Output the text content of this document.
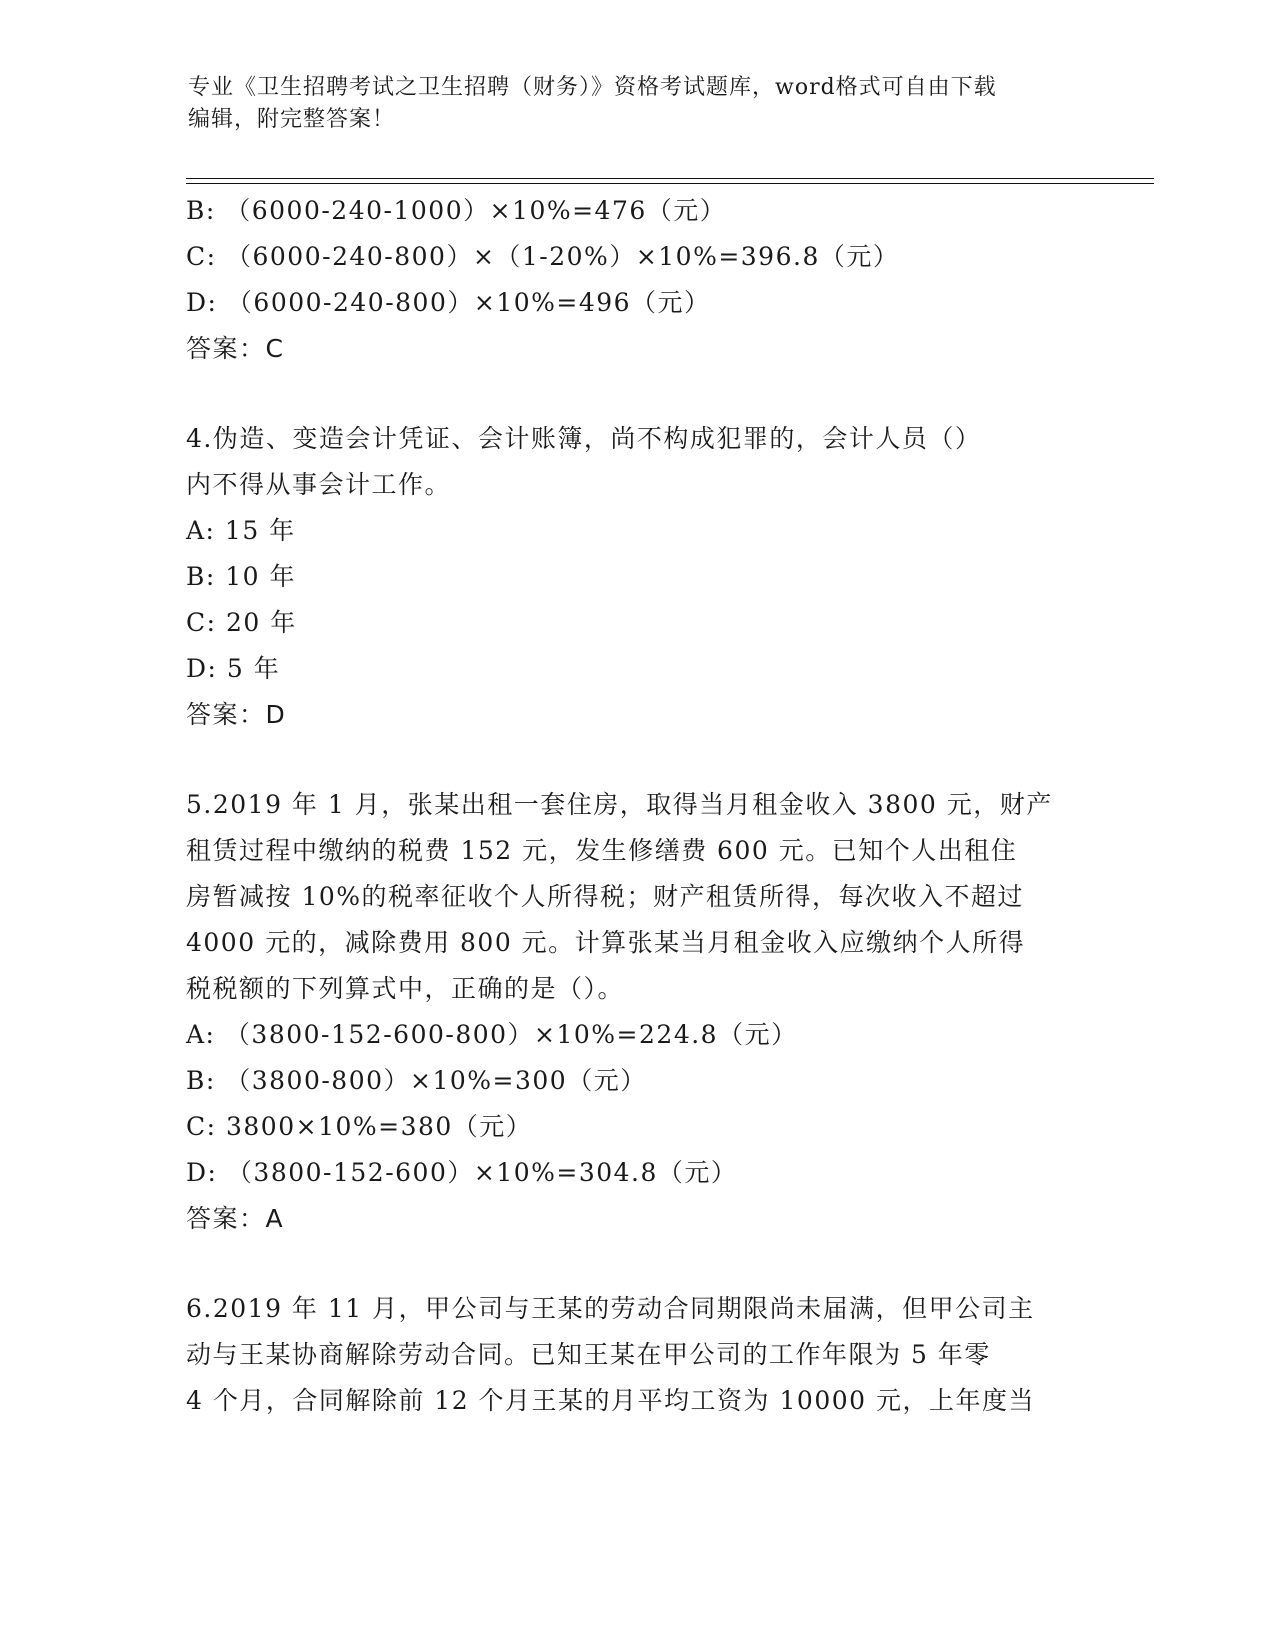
专业《卫生招聘考试之卫生招聘（财务）》资格考试题库，word格式可自由下载
编辑，附完整答案！
B: （6000-240-1000）×10%=476（元）
C: （6000-240-800）×（1-20%）×10%=396.8（元）
D: （6000-240-800）×10%=496（元）
答案：C
4.伪造、变造会计凭证、会计账簿，尚不构成犯罪的，会计人员（）
内不得从事会计工作。
A: 15 年
B: 10 年
C: 20 年
D: 5 年
答案：D
5.2019 年 1 月，张某出租一套住房，取得当月租金收入 3800 元，财产
租赁过程中缴纳的税费 152 元，发生修缮费 600 元。已知个人出租住
房暂减按 10%的税率征收个人所得税；财产租赁所得，每次收入不超过
4000 元的，减除费用 800 元。计算张某当月租金收入应缴纳个人所得
税税额的下列算式中，正确的是（）。
A: （3800-152-600-800）×10%=224.8（元）
B: （3800-800）×10%=300（元）
C: 3800×10%=380（元）
D: （3800-152-600）×10%=304.8（元）
答案：A
6.2019 年 11 月，甲公司与王某的劳动合同期限尚未届满，但甲公司主
动与王某协商解除劳动合同。已知王某在甲公司的工作年限为 5 年零
4 个月，合同解除前 12 个月王某的月平均工资为 10000 元，上年度当
